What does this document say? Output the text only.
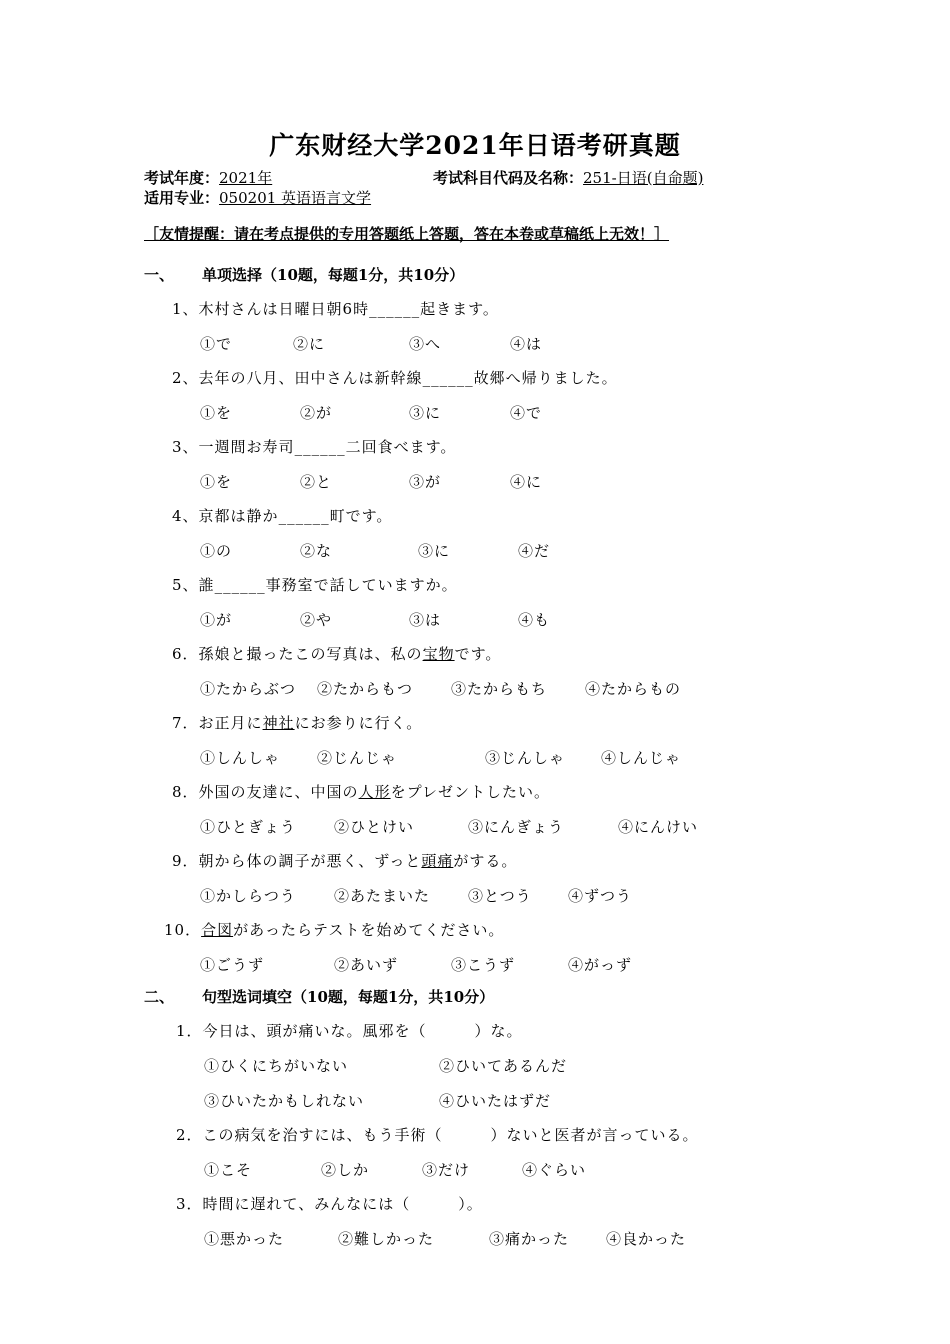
广东财经大学2021年日语考研真题
考试年度：2021年	考试科目代码及名称：251-日语(自命题)
适用专业：050201 英语语言文学
［友情提醒：请在考点提供的专用答题纸上答题，答在本卷或草稿纸上无效！］
一、 单项选择（10题，每题1分，共10分）
1、木村さんは日曜日朝6時______起きます。
①で	②に	③へ	④は
2、去年の八月、田中さんは新幹線______故郷へ帰りました。
①を	②が	③に	④で
3、一週間お寿司______二回食べます。
①を	②と	③が	④に
4、京都は静か______町です。
①の	②な	③に	④だ
5、誰______事務室で話していますか。
①が	②や	③は	④も
6．孫娘と撮ったこの写真は、私の宝物です。
①たからぶつ ②たからもつ	③たからもち	④たからもの
7．お正月に神社にお参りに行く。
①しんしゃ ②じんじゃ	③じんしゃ ④しんじゃ
8．外国の友達に、中国の人形をプレゼントしたい。
①ひとぎょう	②ひとけい	③にんぎょう	④にんけい
9．朝から体の調子が悪く、ずっと頭痛がする。
①かしらつう	②あたまいた	③とつう ④ずつう
10．合図があったらテストを始めてください。
①ごうず	②あいず	③こうず	④がっず
二、 句型选词填空（10题，每题1分，共10分）
1．今日は、頭が痛いな。風邪を（　　　）な。
①ひくにちがいない	②ひいてあるんだ
③ひいたかもしれない	④ひいたはずだ
2．この病気を治すには、もう手術（　　　）ないと医者が言っている。
①こそ	②しか	③だけ	④ぐらい
3．時間に遅れて、みんなには（　　　）。
①悪かった	②難しかった	③痛かった ④良かった
